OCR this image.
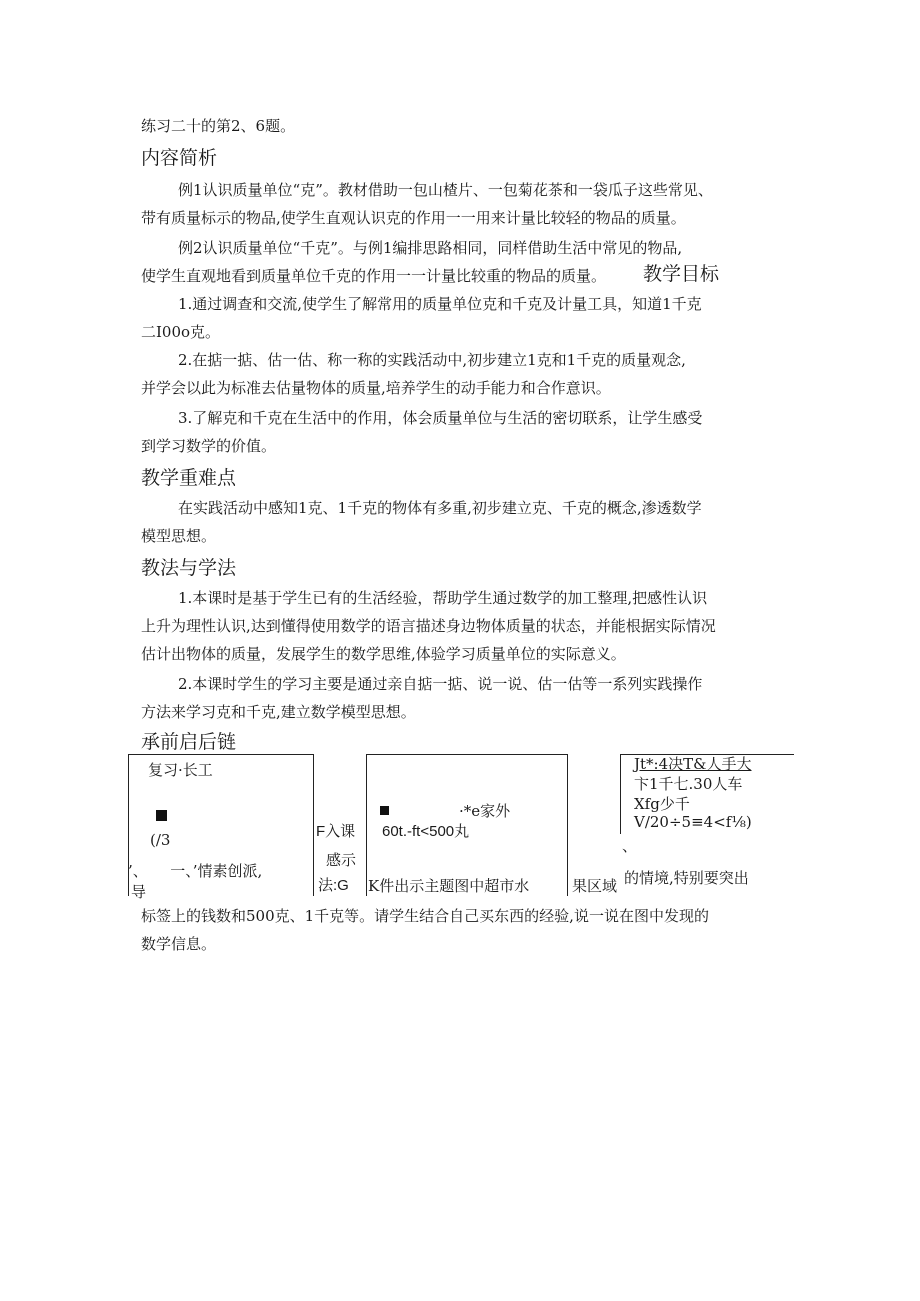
练习二十的第2、6题。
内容简析
例1认识质量单位“克”。教材借助一包山楂片、一包菊花茶和一袋瓜子这些常见、
带有质量标示的物品,使学生直观认识克的作用一一用来计量比较轻的物品的质量。
例2认识质量单位“千克”。与例1编排思路相同，同样借助生活中常见的物品,
使学生直观地看到质量单位千克的作用一一计量比较重的物品的质量。 教学目标
1.通过调查和交流,使学生了解常用的质量单位克和千克及计量工具，知道1千克
二I00o克。
2.在掂一掂、估一估、称一称的实践活动中,初步建立1克和1千克的质量观念,
并学会以此为标准去估量物体的质量,培养学生的动手能力和合作意识。
3.了解克和千克在生活中的作用，体会质量单位与生活的密切联系，让学生感受
到学习数学的价值。
教学重难点
在实践活动中感知1克、1千克的物体有多重,初步建立克、千克的概念,渗透数学
模型思想。
教法与学法
1.本课时是基于学生已有的生活经验，帮助学生通过数学的加工整理,把感性认识
上升为理性认识,达到懂得使用数学的语言描述身边物体质量的状态，并能根据实际情况
估计出物体的质量，发展学生的数学思维,体验学习质量单位的实际意义。
2.本课时学生的学习主要是通过亲自掂一掂、说一说、估一估等一系列实践操作
方法来学习克和千克,建立数学模型思想。
承前启后链
复习·长工
(/3
’、　　一、’情素创派,
导
F入课
感示
法:G
·*e家外
60t.-ft<500丸
K件出示主题图中超市水	果区域
Jt*:4决T&人手大
卞1千七.30人车
Xfg少千
V/20÷5≡4<f⅛)
、
的情境,特别要突出
标签上的钱数和500克、1千克等。请学生结合自己买东西的经验,说一说在图中发现的
数学信息。
